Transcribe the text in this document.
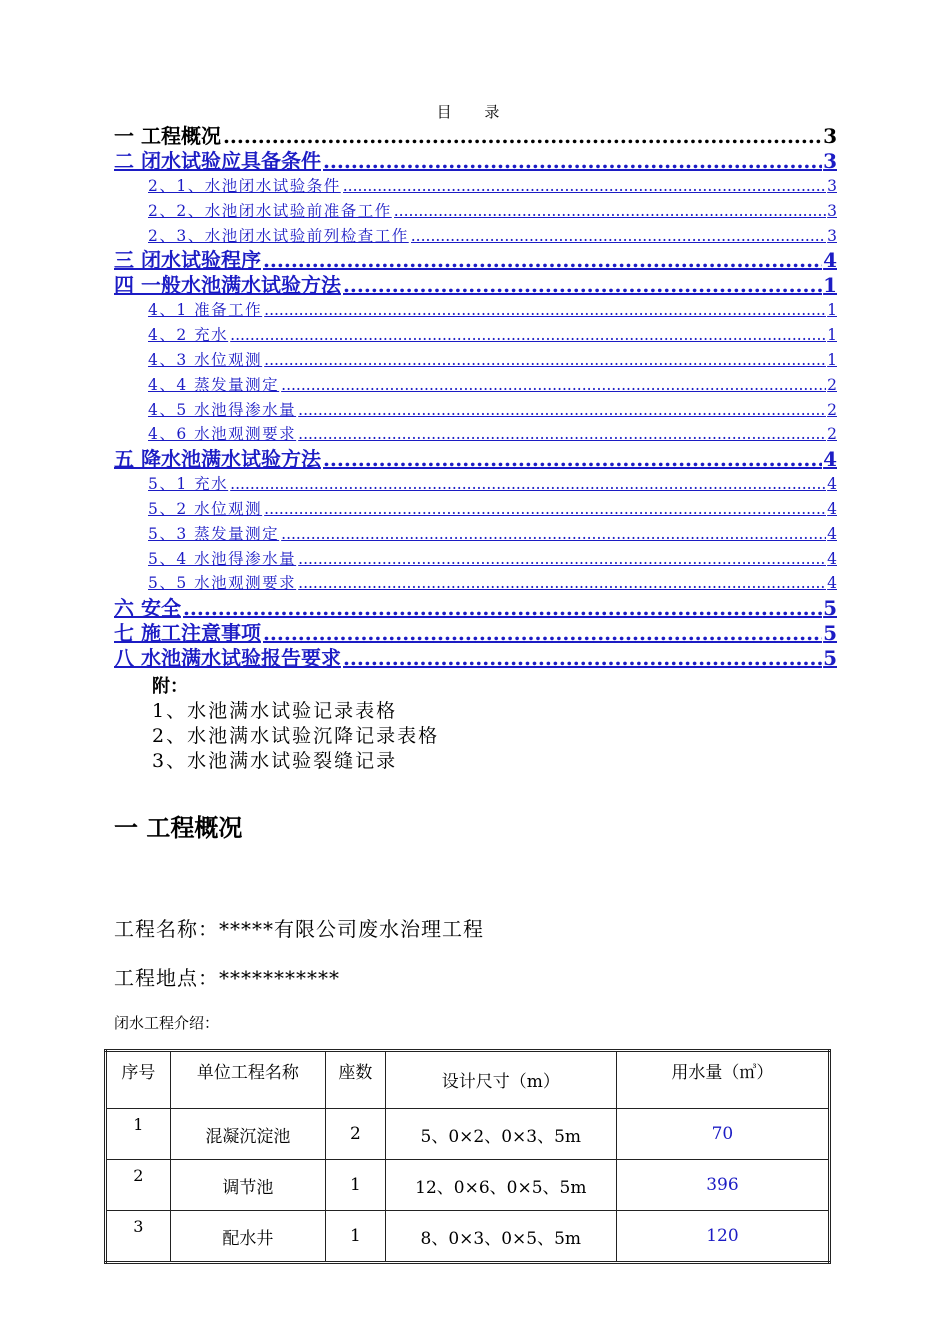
目 录
一 工程概况 .....	3
二 闭水试验应具备条件 .....	3
2、1、水池闭水试验条件 .....	3
2、2、水池闭水试验前准备工作 .....	3
2、3、水池闭水试验前列检查工作 .....	3
三 闭水试验程序 .....	4
四 一般水池满水试验方法 .....	1
4、1 准备工作 .....	1
4、2 充水 .....	1
4、3 水位观测 .....	1
4、4 蒸发量测定 .....	2
4、5 水池得渗水量 .....	2
4、6 水池观测要求 .....	2
五 降水池满水试验方法 .....	4
5、1 充水 .....	4
5、2 水位观测 .....	4
5、3 蒸发量测定 .....	4
5、4 水池得渗水量 .....	4
5、5 水池观测要求 .....	4
六 安全 .....	5
七 施工注意事项 .....	5
八 水池满水试验报告要求 .....	5
附：
1、水池满水试验记录表格
2、水池满水试验沉降记录表格
3、水池满水试验裂缝记录
一 工程概况
工程名称：*****有限公司废水治理工程
工程地点：***********
闭水工程介绍：
序号	单位工程名称	座数	设计尺寸（m）	用水量（㎥）
1	混凝沉淀池	2	5、0×2、0×3、5m	70
2	调节池	1	12、0×6、0×5、5m	396
3	配水井	1	8、0×3、0×5、5m	120
